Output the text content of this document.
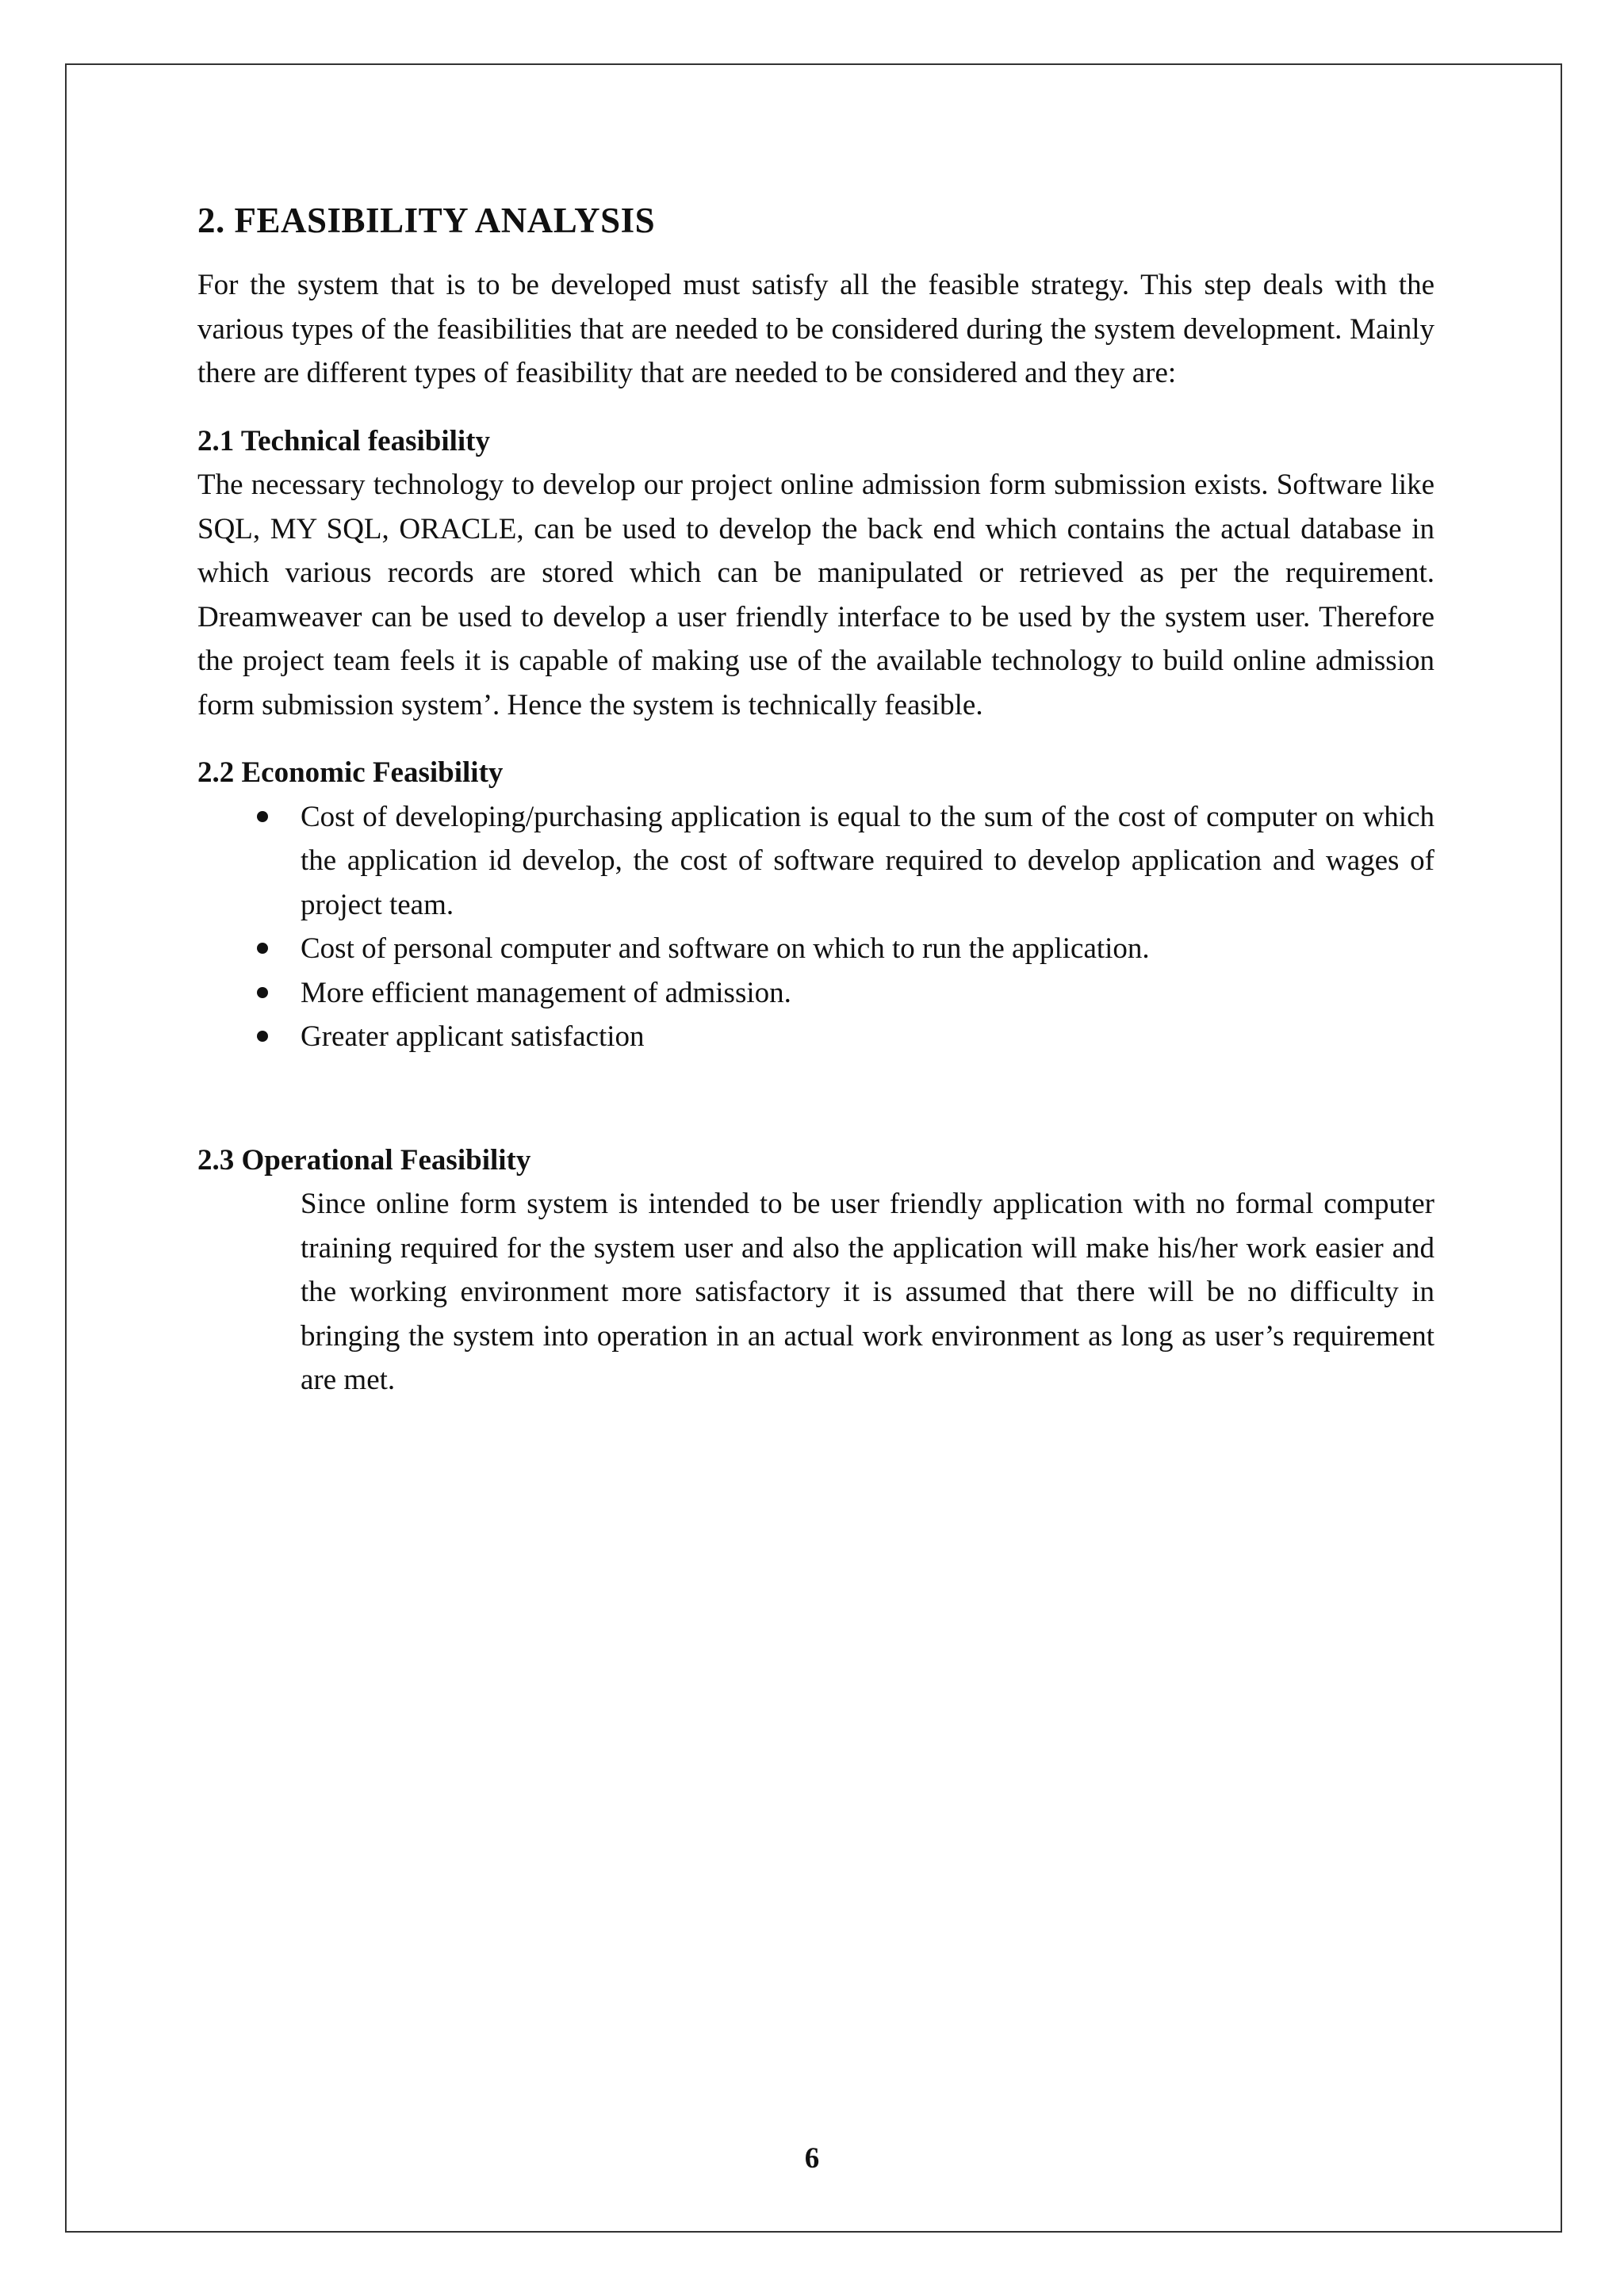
2. FEASIBILITY ANALYSIS

For the system that is to be developed must satisfy all the feasible strategy. This step deals with the various types of the feasibilities that are needed to be considered during the system development. Mainly there are different types of feasibility that are needed to be considered and they are:

2.1 Technical feasibility

The necessary technology to develop our project online admission form submission exists. Software like SQL, MY SQL, ORACLE, can be used to develop the back end which contains the actual database in which various records are stored which can be manipulated or retrieved as per the requirement. Dreamweaver can be used to develop a user friendly interface to be used by the system user. Therefore the project team feels it is capable of making use of the available technology to build online admission form submission system’. Hence the system is technically feasible.

2.2 Economic Feasibility
Cost of developing/purchasing application is equal to the sum of the cost of computer on which the application id develop, the cost of software required to develop application and wages of project team.
Cost of personal computer and software on which to run the application.
More efficient management of admission.
Greater applicant satisfaction
2.3 Operational Feasibility

Since online form system is intended to be user friendly application with no formal computer training required for the system user and also the application will make his/her work easier and the working environment more satisfactory it is assumed that there will be no difficulty in bringing the system into operation in an actual work environment as long as user’s requirement are met.

6
